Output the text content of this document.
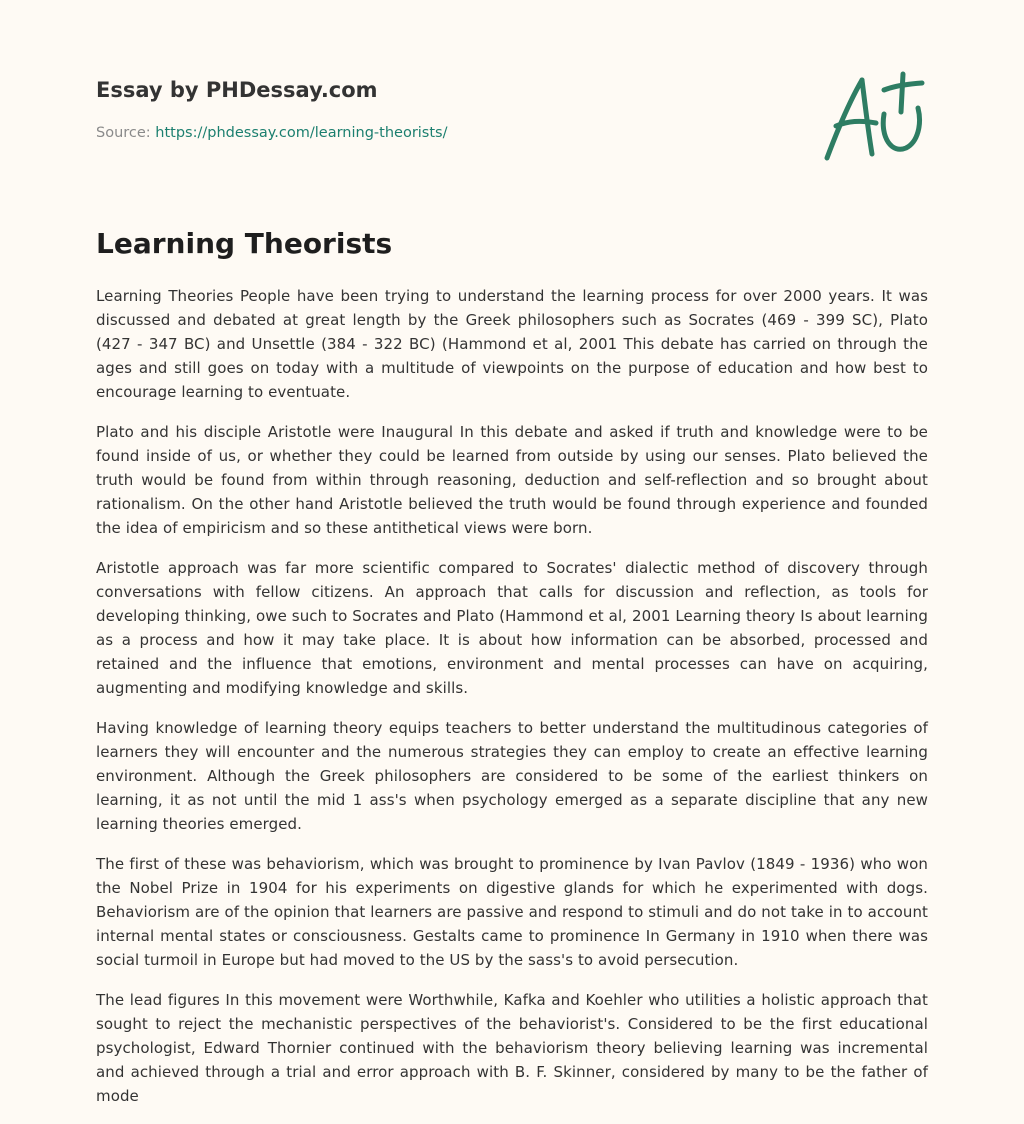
Essay by PHDessay.com

Source: https://phdessay.com/learning-theorists/

Learning Theorists

Learning Theories People have been trying to understand the learning process for over 2000 years. It was discussed and debated at great length by the Greek philosophers such as Socrates (469 - 399 SC), Plato (427 - 347 BC) and Unsettle (384 - 322 BC) (Hammond et al, 2001 This debate has carried on through the ages and still goes on today with a multitude of viewpoints on the purpose of education and how best to encourage learning to eventuate.

Plato and his disciple Aristotle were Inaugural In this debate and asked if truth and knowledge were to be found inside of us, or whether they could be learned from outside by using our senses. Plato believed the truth would be found from within through reasoning, deduction and self-reflection and so brought about rationalism. On the other hand Aristotle believed the truth would be found through experience and founded the idea of empiricism and so these antithetical views were born.

Aristotle approach was far more scientific compared to Socrates' dialectic method of discovery through conversations with fellow citizens. An approach that calls for discussion and reflection, as tools for developing thinking, owe such to Socrates and Plato (Hammond et al, 2001 Learning theory Is about learning as a process and how it may take place. It is about how information can be absorbed, processed and retained and the influence that emotions, environment and mental processes can have on acquiring, augmenting and modifying knowledge and skills.

Having knowledge of learning theory equips teachers to better understand the multitudinous categories of learners they will encounter and the numerous strategies they can employ to create an effective learning environment. Although the Greek philosophers are considered to be some of the earliest thinkers on learning, it as not until the mid 1 ass's when psychology emerged as a separate discipline that any new learning theories emerged.

The first of these was behaviorism, which was brought to prominence by Ivan Pavlov (1849 - 1936) who won the Nobel Prize in 1904 for his experiments on digestive glands for which he experimented with dogs. Behaviorism are of the opinion that learners are passive and respond to stimuli and do not take in to account internal mental states or consciousness. Gestalts came to prominence In Germany in 1910 when there was social turmoil in Europe but had moved to the US by the sass's to avoid persecution.

The lead figures In this movement were Worthwhile, Kafka and Koehler who utilities a holistic approach that sought to reject the mechanistic perspectives of the behaviorist's. Considered to be the first educational psychologist, Edward Thornier continued with the behaviorism theory believing learning was incremental and achieved through a trial and error approach with B. F. Skinner, considered by many to be the father of mode
